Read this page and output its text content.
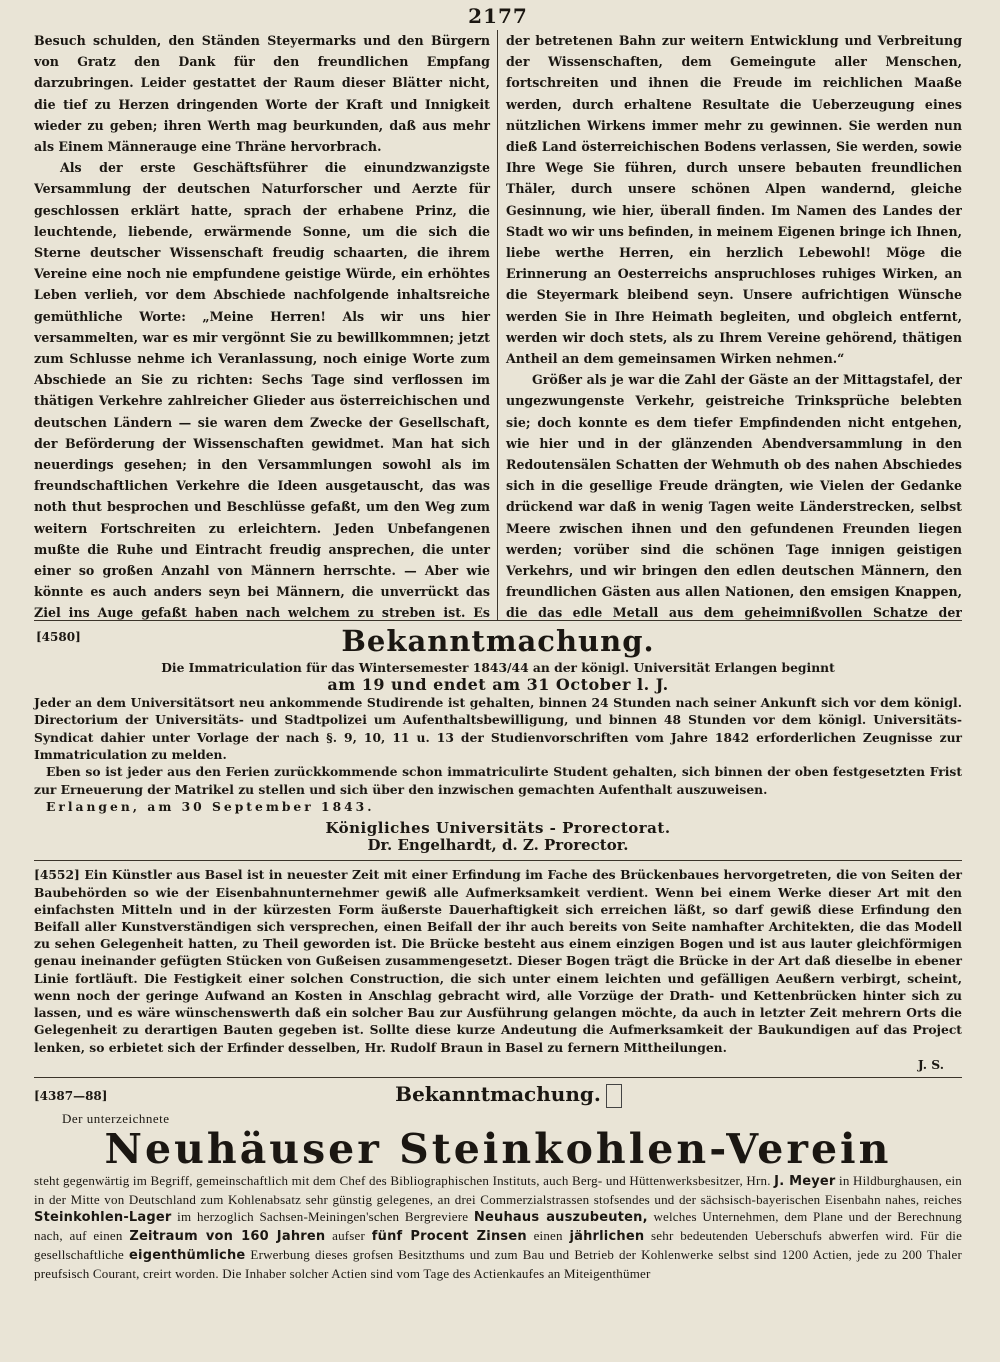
2177

Besuch schulden, den Ständen Steyermarks und den Bürgern von Gratz den Dank für den freundlichen Empfang darzubringen. Leider gestattet der Raum dieser Blätter nicht, die tief zu Herzen dringenden Worte der Kraft und Innigkeit wieder zu geben; ihren Werth mag beurkunden, daß aus mehr als Einem Männerauge eine Thräne hervorbrach.

Als der erste Geschäftsführer die einundzwanzigste Versammlung der deutschen Naturforscher und Aerzte für geschlossen erklärt hatte, sprach der erhabene Prinz, die leuchtende, liebende, erwärmende Sonne, um die sich die Sterne deutscher Wissenschaft freudig schaarten, die ihrem Vereine eine noch nie empfundene geistige Würde, ein erhöhtes Leben verlieh, vor dem Abschiede nachfolgende inhaltsreiche gemüthliche Worte: „Meine Herren! Als wir uns hier versammelten, war es mir vergönnt Sie zu bewillkommnen; jetzt zum Schlusse nehme ich Veranlassung, noch einige Worte zum Abschiede an Sie zu richten: Sechs Tage sind verflossen im thätigen Verkehre zahlreicher Glieder aus österreichischen und deutschen Ländern — sie waren dem Zwecke der Gesellschaft, der Beförderung der Wissenschaften gewidmet. Man hat sich neuerdings gesehen; in den Versammlungen sowohl als im freundschaftlichen Verkehre die Ideen ausgetauscht, das was noth thut besprochen und Beschlüsse gefaßt, um den Weg zum weitern Fortschreiten zu erleichtern. Jeden Unbefangenen mußte die Ruhe und Eintracht freudig ansprechen, die unter einer so großen Anzahl von Männern herrschte. — Aber wie könnte es auch anders seyn bei Männern, die unverrückt das Ziel ins Auge gefaßt haben nach welchem zu streben ist. Es

der betretenen Bahn zur weitern Entwicklung und Verbreitung der Wissenschaften, dem Gemeingute aller Menschen, fortschreiten und ihnen die Freude im reichlichen Maaße werden, durch erhaltene Resultate die Ueberzeugung eines nützlichen Wirkens immer mehr zu gewinnen. Sie werden nun dieß Land österreichischen Bodens verlassen, Sie werden, sowie Ihre Wege Sie führen, durch unsere bebauten freundlichen Thäler, durch unsere schönen Alpen wandernd, gleiche Gesinnung, wie hier, überall finden. Im Namen des Landes der Stadt wo wir uns befinden, in meinem Eigenen bringe ich Ihnen, liebe werthe Herren, ein herzlich Lebewohl! Möge die Erinnerung an Oesterreichs anspruchloses ruhiges Wirken, an die Steyermark bleibend seyn. Unsere aufrichtigen Wünsche werden Sie in Ihre Heimath begleiten, und obgleich entfernt, werden wir doch stets, als zu Ihrem Vereine gehörend, thätigen Antheil an dem gemeinsamen Wirken nehmen.“

Größer als je war die Zahl der Gäste an der Mittagstafel, der ungezwungenste Verkehr, geistreiche Trinksprüche belebten sie; doch konnte es dem tiefer Empfindenden nicht entgehen, wie hier und in der glänzenden Abendversammlung in den Redoutensälen Schatten der Wehmuth ob des nahen Abschiedes sich in die gesellige Freude drängten, wie Vielen der Gedanke drückend war daß in wenig Tagen weite Länderstrecken, selbst Meere zwischen ihnen und den gefundenen Freunden liegen werden; vorüber sind die schönen Tage innigen geistigen Verkehrs, und wir bringen den edlen deutschen Männern, den freundlichen Gästen aus allen Nationen, den emsigen Knappen, die das edle Metall aus dem geheimnißvollen Schatze der

[4580]	Bekanntmachung.
Die Immatriculation für das Wintersemester 1843/44 an der königl. Universität Erlangen beginnt
am 19 und endet am 31 October l. J.
Jeder an dem Universitätsort neu ankommende Studirende ist gehalten, binnen 24 Stunden nach seiner Ankunft sich vor dem königl. Directorium der Universitäts- und Stadtpolizei um Aufenthaltsbewilligung, und binnen 48 Stunden vor dem königl. Universitäts-Syndicat dahier unter Vorlage der nach §. 9, 10, 11 u. 13 der Studienvorschriften vom Jahre 1842 erforderlichen Zeugnisse zur Immatriculation zu melden.
Eben so ist jeder aus den Ferien zurückkommende schon immatriculirte Student gehalten, sich binnen der oben festgesetzten Frist zur Erneuerung der Matrikel zu stellen und sich über den inzwischen gemachten Aufenthalt auszuweisen.
Erlangen, am 30 September 1843.
Königliches Universitäts - Prorectorat.
Dr. Engelhardt, d. Z. Prorector.
[4552] Ein Künstler aus Basel ist in neuester Zeit mit einer Erfindung im Fache des Brückenbaues hervorgetreten, die von Seiten der Baubehörden so wie der Eisenbahnunternehmer gewiß alle Aufmerksamkeit verdient. Wenn bei einem Werke dieser Art mit den einfachsten Mitteln und in der kürzesten Form äußerste Dauerhaftigkeit sich erreichen läßt, so darf gewiß diese Erfindung den Beifall aller Kunstverständigen sich versprechen, einen Beifall der ihr auch bereits von Seite namhafter Architekten, die das Modell zu sehen Gelegenheit hatten, zu Theil geworden ist. Die Brücke besteht aus einem einzigen Bogen und ist aus lauter gleichförmigen genau ineinander gefügten Stücken von Gußeisen zusammengesetzt. Dieser Bogen trägt die Brücke in der Art daß dieselbe in ebener Linie fortläuft. Die Festigkeit einer solchen Construction, die sich unter einem leichten und gefälligen Aeußern verbirgt, scheint, wenn noch der geringe Aufwand an Kosten in Anschlag gebracht wird, alle Vorzüge der Drath- und Kettenbrücken hinter sich zu lassen, und es wäre wünschenswerth daß ein solcher Bau zur Ausführung gelangen möchte, da auch in letzter Zeit mehrern Orts die Gelegenheit zu derartigen Bauten gegeben ist. Sollte diese kurze Andeutung die Aufmerksamkeit der Baukundigen auf das Project lenken, so erbietet sich der Erfinder desselben, Hr. Rudolf Braun in Basel zu fernern Mittheilungen.
J. S.
[4387—88]	Bekanntmachung.
Der unterzeichnete
Neuhäuser Steinkohlen-Verein
steht gegenwärtig im Begriff, gemeinschaftlich mit dem Chef des Bibliographischen Instituts, auch Berg- und Hüttenwerksbesitzer, Hrn. J. Meyer in Hildburghausen, ein in der Mitte von Deutschland zum Kohlenabsatz sehr günstig gelegenes, an drei Commerzialstrassen stofsendes und der sächsisch-bayerischen Eisenbahn nahes, reiches Steinkohlen-Lager im herzoglich Sachsen-Meiningen'schen Bergreviere Neuhaus auszubeuten, welches Unternehmen, dem Plane und der Berechnung nach, auf einen Zeitraum von 160 Jahren aufser fünf Procent Zinsen einen jährlichen sehr bedeutenden Ueberschufs abwerfen wird. Für die gesellschaftliche eigenthümliche Erwerbung dieses grofsen Besitzthums und zum Bau und Betrieb der Kohlenwerke selbst sind 1200 Actien, jede zu 200 Thaler preufsisch Courant, creirt worden. Die Inhaber solcher Actien sind vom Tage des Actienkaufes an Miteigenthümer
